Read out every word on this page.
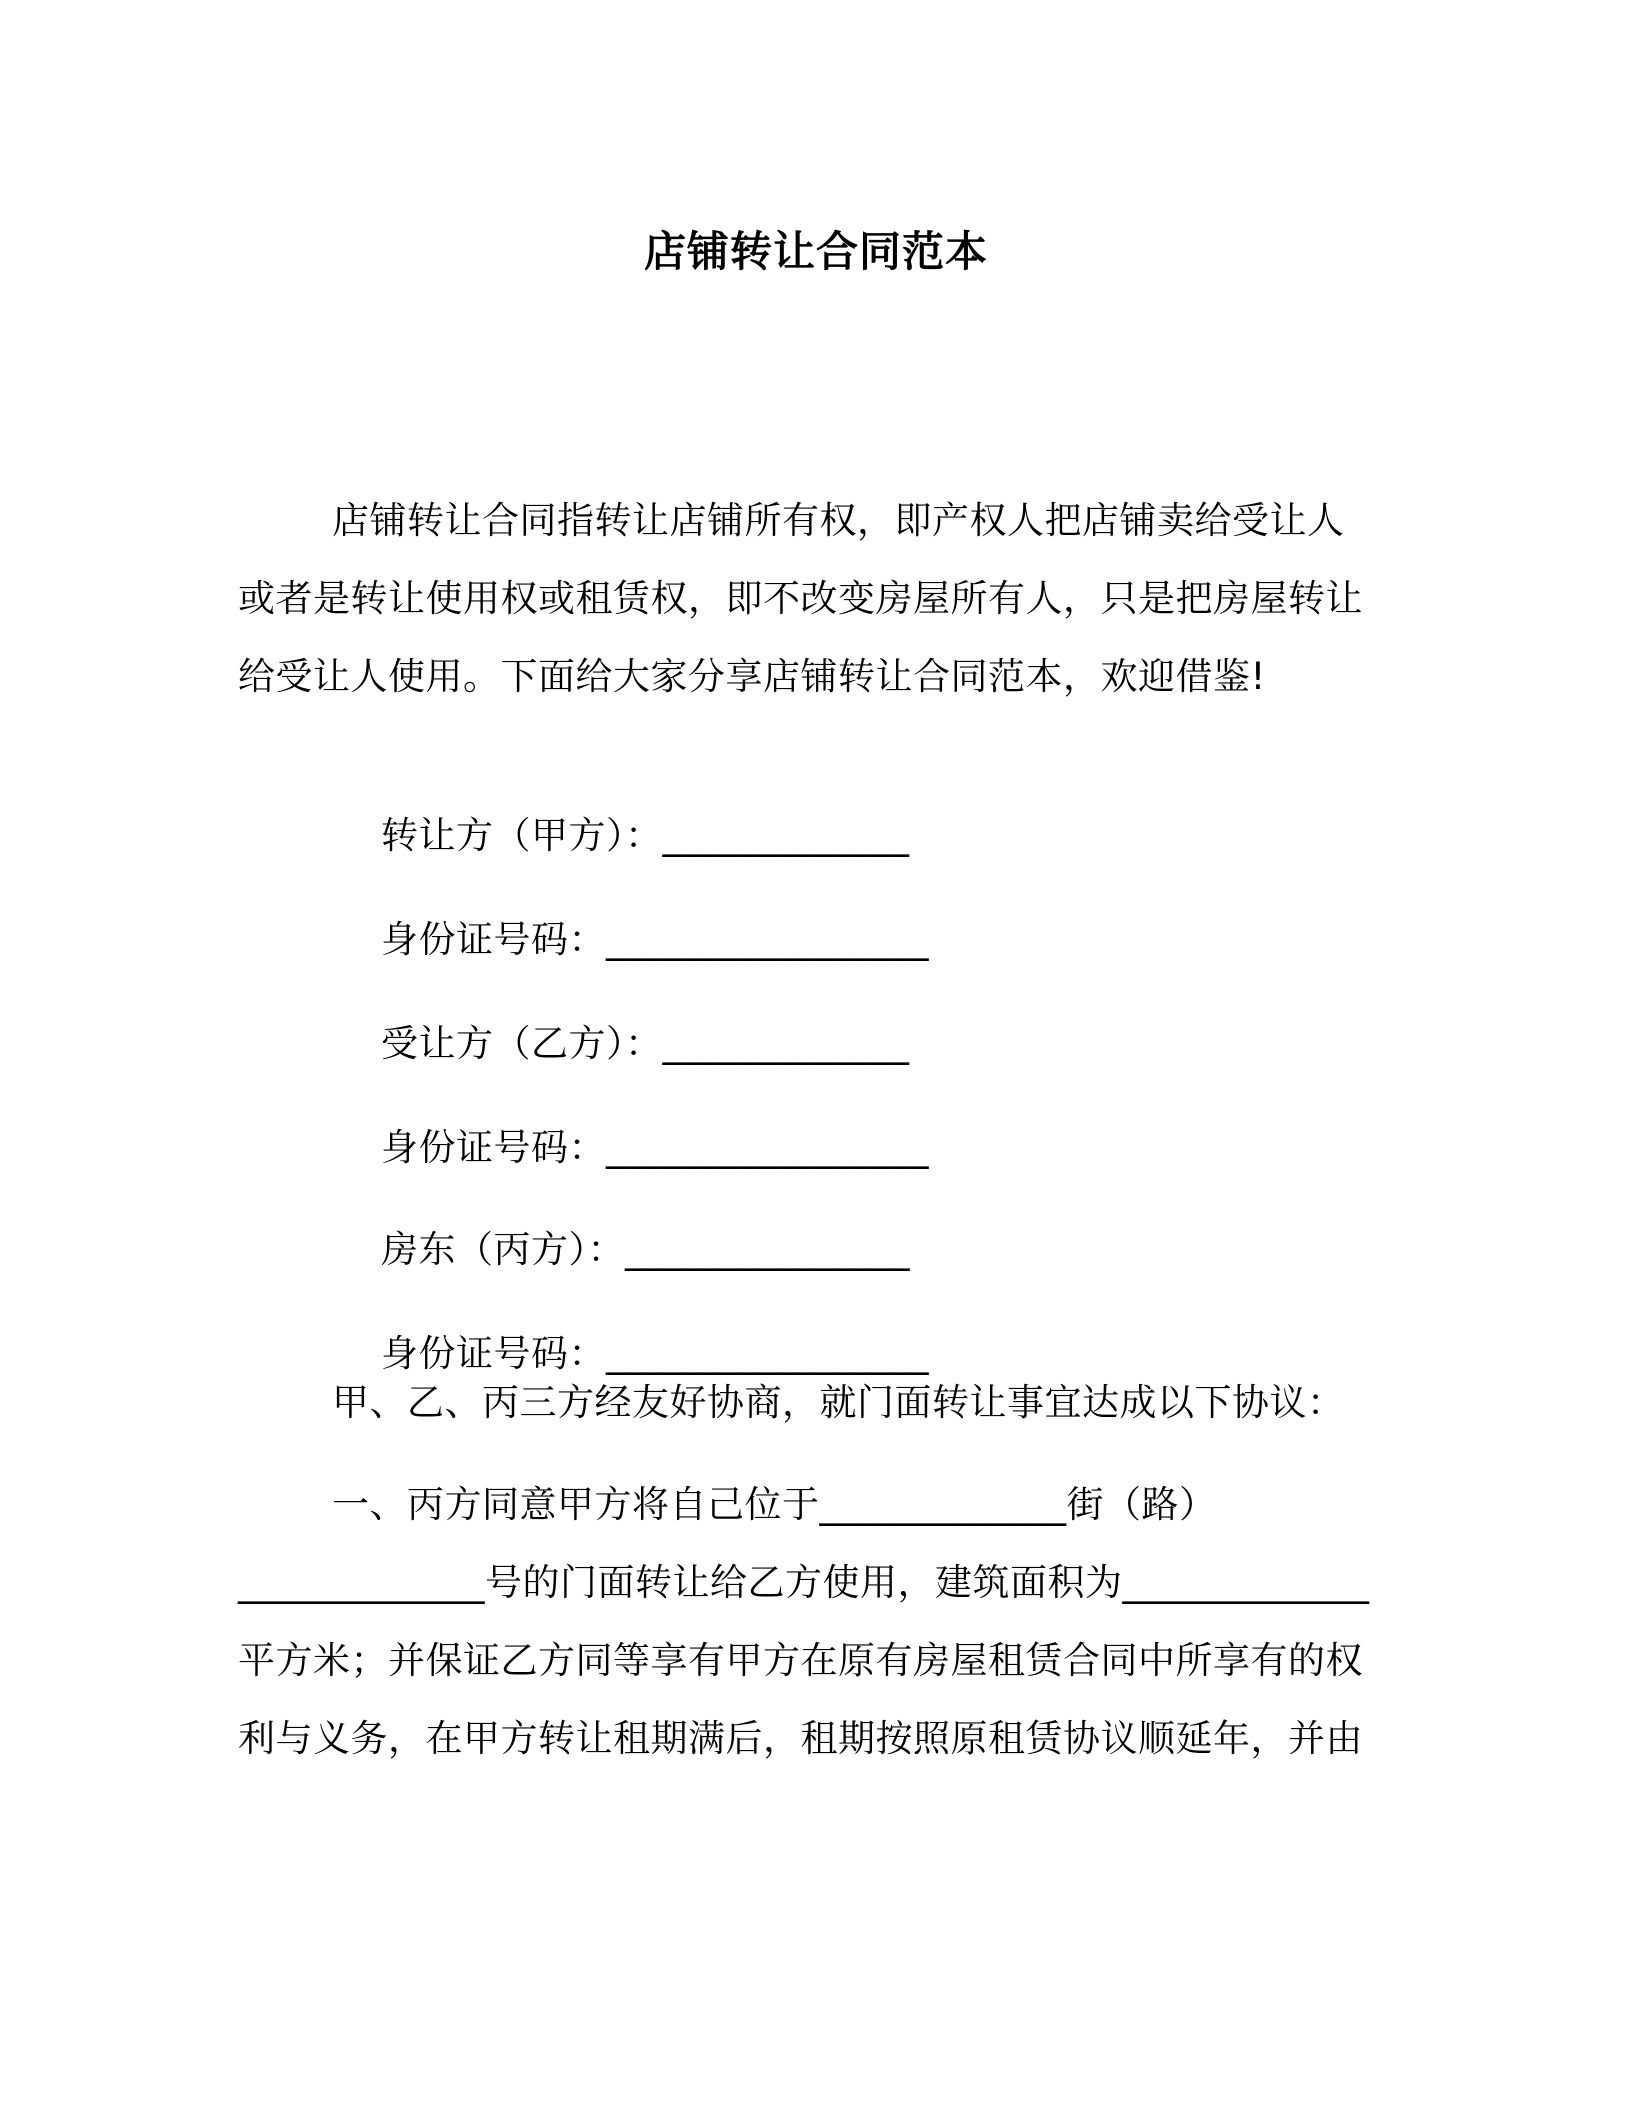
店铺转让合同范本
店铺转让合同指转让店铺所有权，即产权人把店铺卖给受让人或者是转让使用权或租赁权，即不改变房屋所有人，只是把房屋转让给受让人使用。下面给大家分享店铺转让合同范本，欢迎借鉴!

转让方（甲方）：_____________

身份证号码：_________________

受让方（乙方）：_____________

身份证号码：_________________

房东（丙方）：_______________

身份证号码：_________________

甲、乙、丙三方经友好协商，就门面转让事宜达成以下协议：
一、丙方同意甲方将自己位于_____________街（路）_____________号的门面转让给乙方使用，建筑面积为_____________平方米；并保证乙方同等享有甲方在原有房屋租赁合同中所享有的权利与义务，在甲方转让租期满后，租期按照原租赁协议顺延年，并由
